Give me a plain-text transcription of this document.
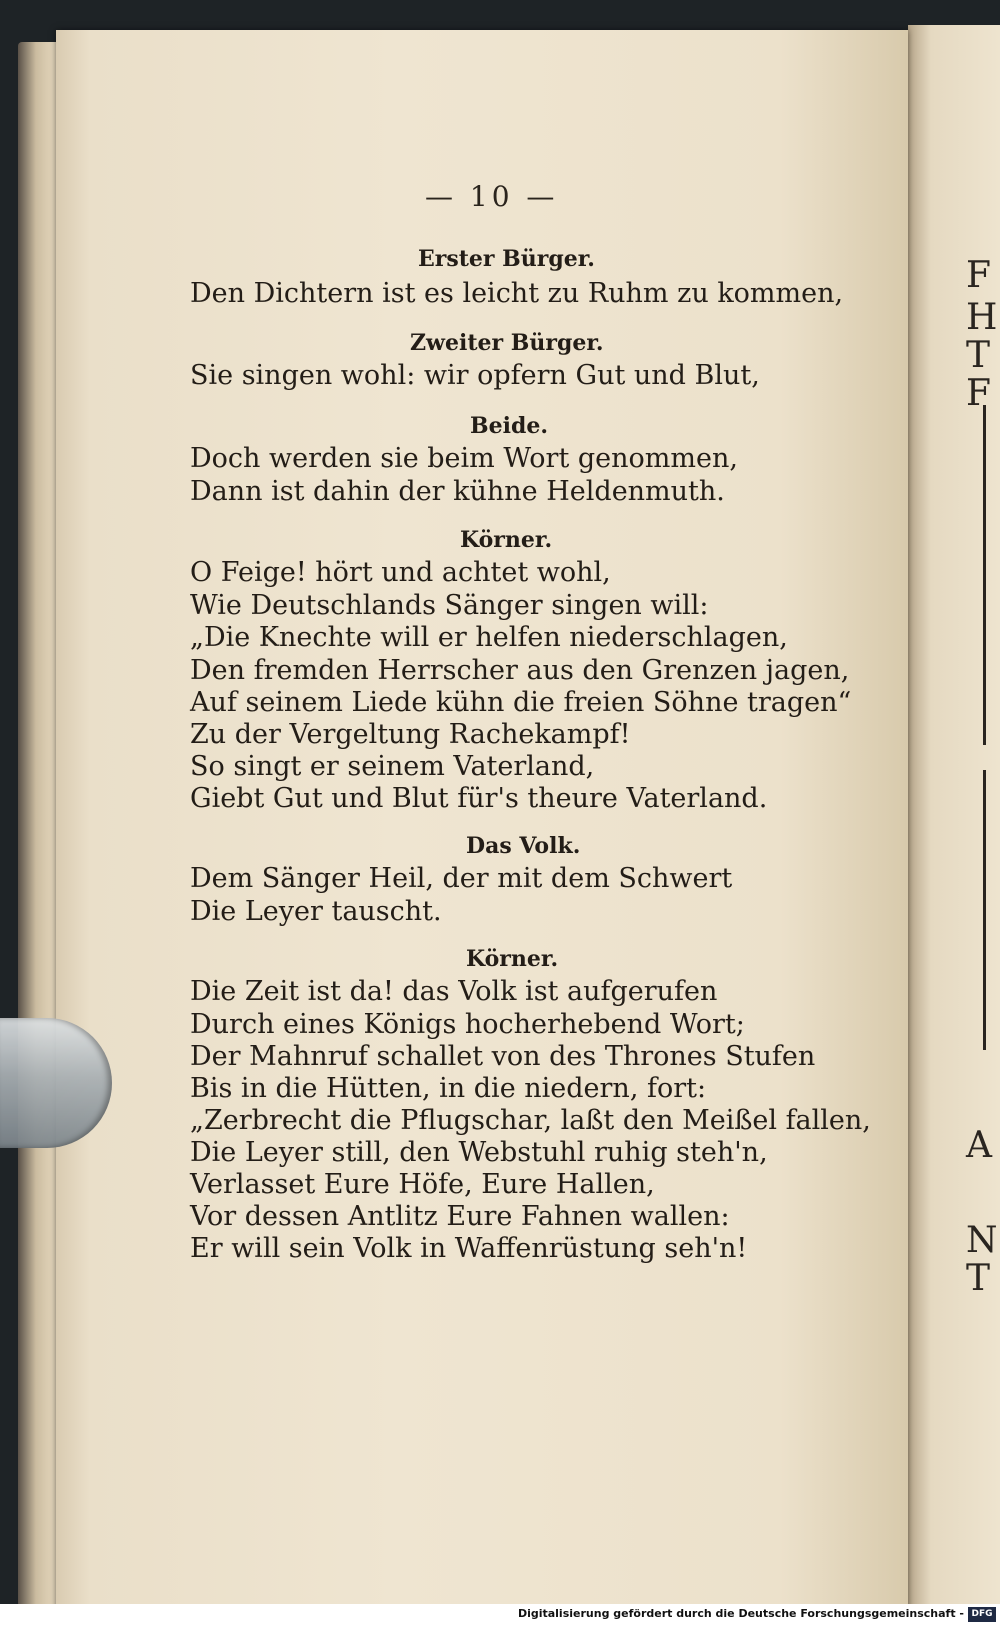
F
H
T
F
A
N
T
— 10 —
Erster Bürger.
Den Dichtern ist es leicht zu Ruhm zu kommen,
Zweiter Bürger.
Sie singen wohl: wir opfern Gut und Blut,
Beide.
Doch werden sie beim Wort genommen,
Dann ist dahin der kühne Heldenmuth.
Körner.
O Feige! hört und achtet wohl,
Wie Deutschlands Sänger singen will:
„Die Knechte will er helfen niederschlagen,
Den fremden Herrscher aus den Grenzen jagen,
Auf seinem Liede kühn die freien Söhne tragen“
Zu der Vergeltung Rachekampf!
So singt er seinem Vaterland,
Giebt Gut und Blut für's theure Vaterland.
Das Volk.
Dem Sänger Heil, der mit dem Schwert
Die Leyer tauscht.
Körner.
Die Zeit ist da! das Volk ist aufgerufen
Durch eines Königs hocherhebend Wort;
Der Mahnruf schallet von des Thrones Stufen
Bis in die Hütten, in die niedern, fort:
„Zerbrecht die Pflugschar, laßt den Meißel fallen,
Die Leyer still, den Webstuhl ruhig steh'n,
Verlasset Eure Höfe, Eure Hallen,
Vor dessen Antlitz Eure Fahnen wallen:
Er will sein Volk in Waffenrüstung seh'n!
Digitalisierung gefördert durch die Deutsche Forschungsgemeinschaft - DFG
